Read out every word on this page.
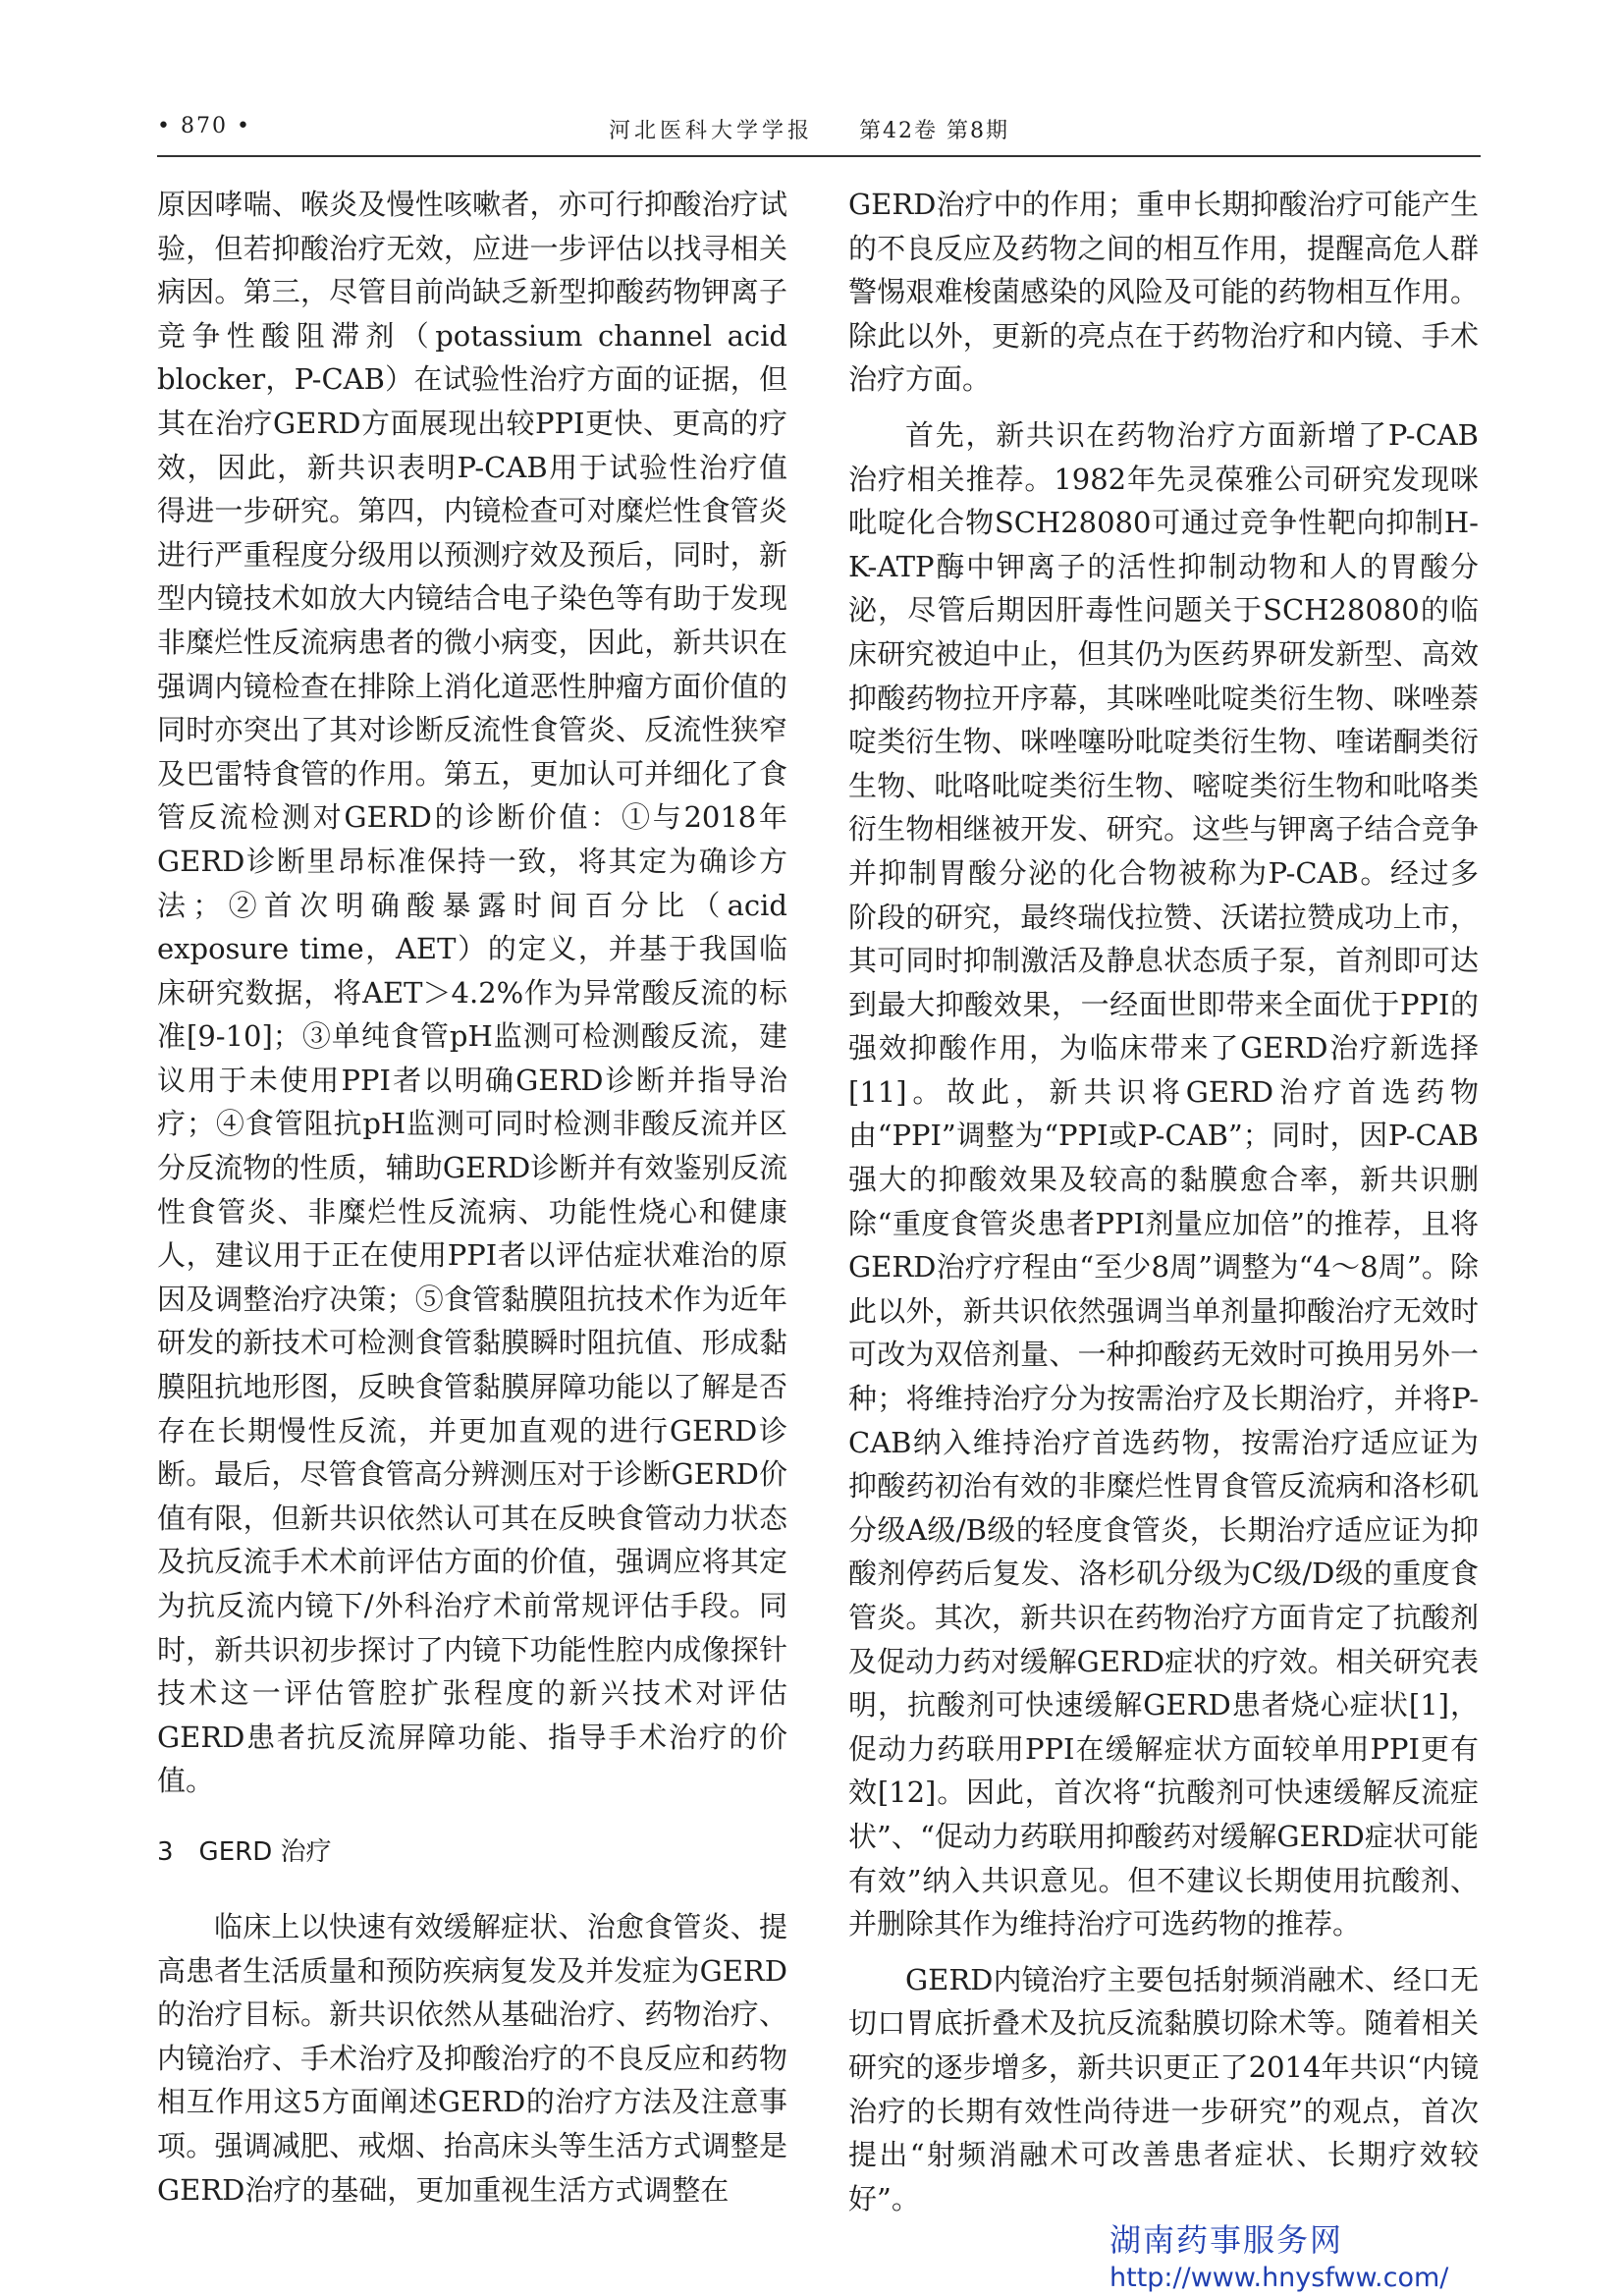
• 870 •	河北医科大学学报 第42卷 第8期

原因哮喘、喉炎及慢性咳嗽者，亦可行抑酸治疗试验，但若抑酸治疗无效，应进一步评估以找寻相关病因。第三，尽管目前尚缺乏新型抑酸药物钾离子竞争性酸阻滞剂（potassium channel acid blocker，P-CAB）在试验性治疗方面的证据，但其在治疗GERD方面展现出较PPI更快、更高的疗效，因此，新共识表明P-CAB用于试验性治疗值得进一步研究。第四，内镜检查可对糜烂性食管炎进行严重程度分级用以预测疗效及预后，同时，新型内镜技术如放大内镜结合电子染色等有助于发现非糜烂性反流病患者的微小病变，因此，新共识在强调内镜检查在排除上消化道恶性肿瘤方面价值的同时亦突出了其对诊断反流性食管炎、反流性狭窄及巴雷特食管的作用。第五，更加认可并细化了食管反流检测对GERD的诊断价值：①与2018年GERD诊断里昂标准保持一致，将其定为确诊方法；②首次明确酸暴露时间百分比（acid exposure time，AET）的定义，并基于我国临床研究数据，将AET＞4.2%作为异常酸反流的标准[9-10]；③单纯食管pH监测可检测酸反流，建议用于未使用PPI者以明确GERD诊断并指导治疗；④食管阻抗pH监测可同时检测非酸反流并区分反流物的性质，辅助GERD诊断并有效鉴别反流性食管炎、非糜烂性反流病、功能性烧心和健康人，建议用于正在使用PPI者以评估症状难治的原因及调整治疗决策；⑤食管黏膜阻抗技术作为近年研发的新技术可检测食管黏膜瞬时阻抗值、形成黏膜阻抗地形图，反映食管黏膜屏障功能以了解是否存在长期慢性反流，并更加直观的进行GERD诊断。最后，尽管食管高分辨测压对于诊断GERD价值有限，但新共识依然认可其在反映食管动力状态及抗反流手术术前评估方面的价值，强调应将其定为抗反流内镜下/外科治疗术前常规评估手段。同时，新共识初步探讨了内镜下功能性腔内成像探针技术这一评估管腔扩张程度的新兴技术对评估GERD患者抗反流屏障功能、指导手术治疗的价值。

3 GERD 治疗

临床上以快速有效缓解症状、治愈食管炎、提高患者生活质量和预防疾病复发及并发症为GERD的治疗目标。新共识依然从基础治疗、药物治疗、内镜治疗、手术治疗及抑酸治疗的不良反应和药物相互作用这5方面阐述GERD的治疗方法及注意事项。强调减肥、戒烟、抬高床头等生活方式调整是GERD治疗的基础，更加重视生活方式调整在

GERD治疗中的作用；重申长期抑酸治疗可能产生的不良反应及药物之间的相互作用，提醒高危人群警惕艰难梭菌感染的风险及可能的药物相互作用。除此以外，更新的亮点在于药物治疗和内镜、手术治疗方面。

首先，新共识在药物治疗方面新增了P-CAB治疗相关推荐。1982年先灵葆雅公司研究发现咪吡啶化合物SCH28080可通过竞争性靶向抑制H-K-ATP酶中钾离子的活性抑制动物和人的胃酸分泌，尽管后期因肝毒性问题关于SCH28080的临床研究被迫中止，但其仍为医药界研发新型、高效抑酸药物拉开序幕，其咪唑吡啶类衍生物、咪唑萘啶类衍生物、咪唑噻吩吡啶类衍生物、喹诺酮类衍生物、吡咯吡啶类衍生物、嘧啶类衍生物和吡咯类衍生物相继被开发、研究。这些与钾离子结合竞争并抑制胃酸分泌的化合物被称为P-CAB。经过多阶段的研究，最终瑞伐拉赞、沃诺拉赞成功上市，其可同时抑制激活及静息状态质子泵，首剂即可达到最大抑酸效果，一经面世即带来全面优于PPI的强效抑酸作用，为临床带来了GERD治疗新选择[11]。故此，新共识将GERD治疗首选药物由“PPI”调整为“PPI或P-CAB”；同时，因P-CAB强大的抑酸效果及较高的黏膜愈合率，新共识删除“重度食管炎患者PPI剂量应加倍”的推荐，且将GERD治疗疗程由“至少8周”调整为“4～8周”。除此以外，新共识依然强调当单剂量抑酸治疗无效时可改为双倍剂量、一种抑酸药无效时可换用另外一种；将维持治疗分为按需治疗及长期治疗，并将P-CAB纳入维持治疗首选药物，按需治疗适应证为抑酸药初治有效的非糜烂性胃食管反流病和洛杉矶分级A级/B级的轻度食管炎，长期治疗适应证为抑酸剂停药后复发、洛杉矶分级为C级/D级的重度食管炎。其次，新共识在药物治疗方面肯定了抗酸剂及促动力药对缓解GERD症状的疗效。相关研究表明，抗酸剂可快速缓解GERD患者烧心症状[1]，促动力药联用PPI在缓解症状方面较单用PPI更有效[12]。因此，首次将“抗酸剂可快速缓解反流症状”、“促动力药联用抑酸药对缓解GERD症状可能有效”纳入共识意见。但不建议长期使用抗酸剂、并删除其作为维持治疗可选药物的推荐。

GERD内镜治疗主要包括射频消融术、经口无切口胃底折叠术及抗反流黏膜切除术等。随着相关研究的逐步增多，新共识更正了2014年共识“内镜治疗的长期有效性尚待进一步研究”的观点，首次提出“射频消融术可改善患者症状、长期疗效较好”。

湖南药事服务网
http://www.hnysfww.com/
